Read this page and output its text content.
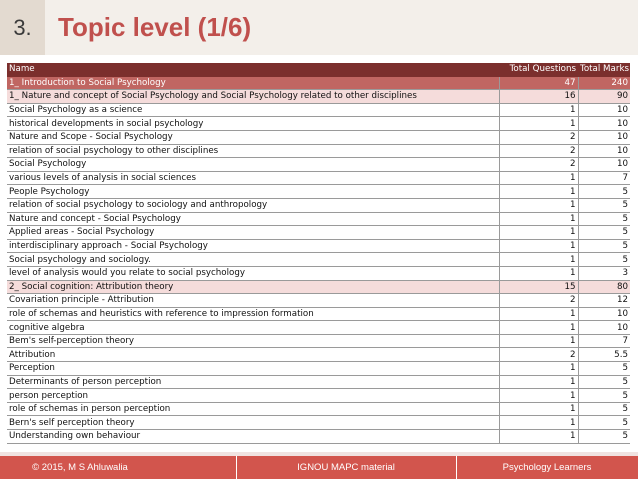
3.	Topic level (1/6)
Name	Total Questions	Total Marks
1_ Introduction to Social Psychology	47	240
1_ Nature and concept of Social Psychology and Social Psychology related to other disciplines	16	90
Social Psychology as a science	1	10
historical developments in social psychology	1	10
Nature and Scope - Social Psychology	2	10
relation of social psychology to other disciplines	2	10
Social Psychology	2	10
various levels of analysis in social sciences	1	7
People Psychology	1	5
relation of social psychology to sociology and anthropology	1	5
Nature and concept - Social Psychology	1	5
Applied areas - Social Psychology	1	5
interdisciplinary approach - Social Psychology	1	5
Social psychology and sociology.	1	5
level of analysis would you relate to social psychology	1	3
2_ Social cognition: Attribution theory	15	80
Covariation principle - Attribution	2	12
role of schemas and heuristics with reference to impression formation	1	10
cognitive algebra	1	10
Bem's self-perception theory	1	7
Attribution	2	5.5
Perception	1	5
Determinants of person perception	1	5
person perception	1	5
role of schemas in person perception	1	5
Bern's self perception theory	1	5
Understanding own behaviour	1	5
© 2015, M S Ahluwalia	IGNOU MAPC material	Psychology Learners
